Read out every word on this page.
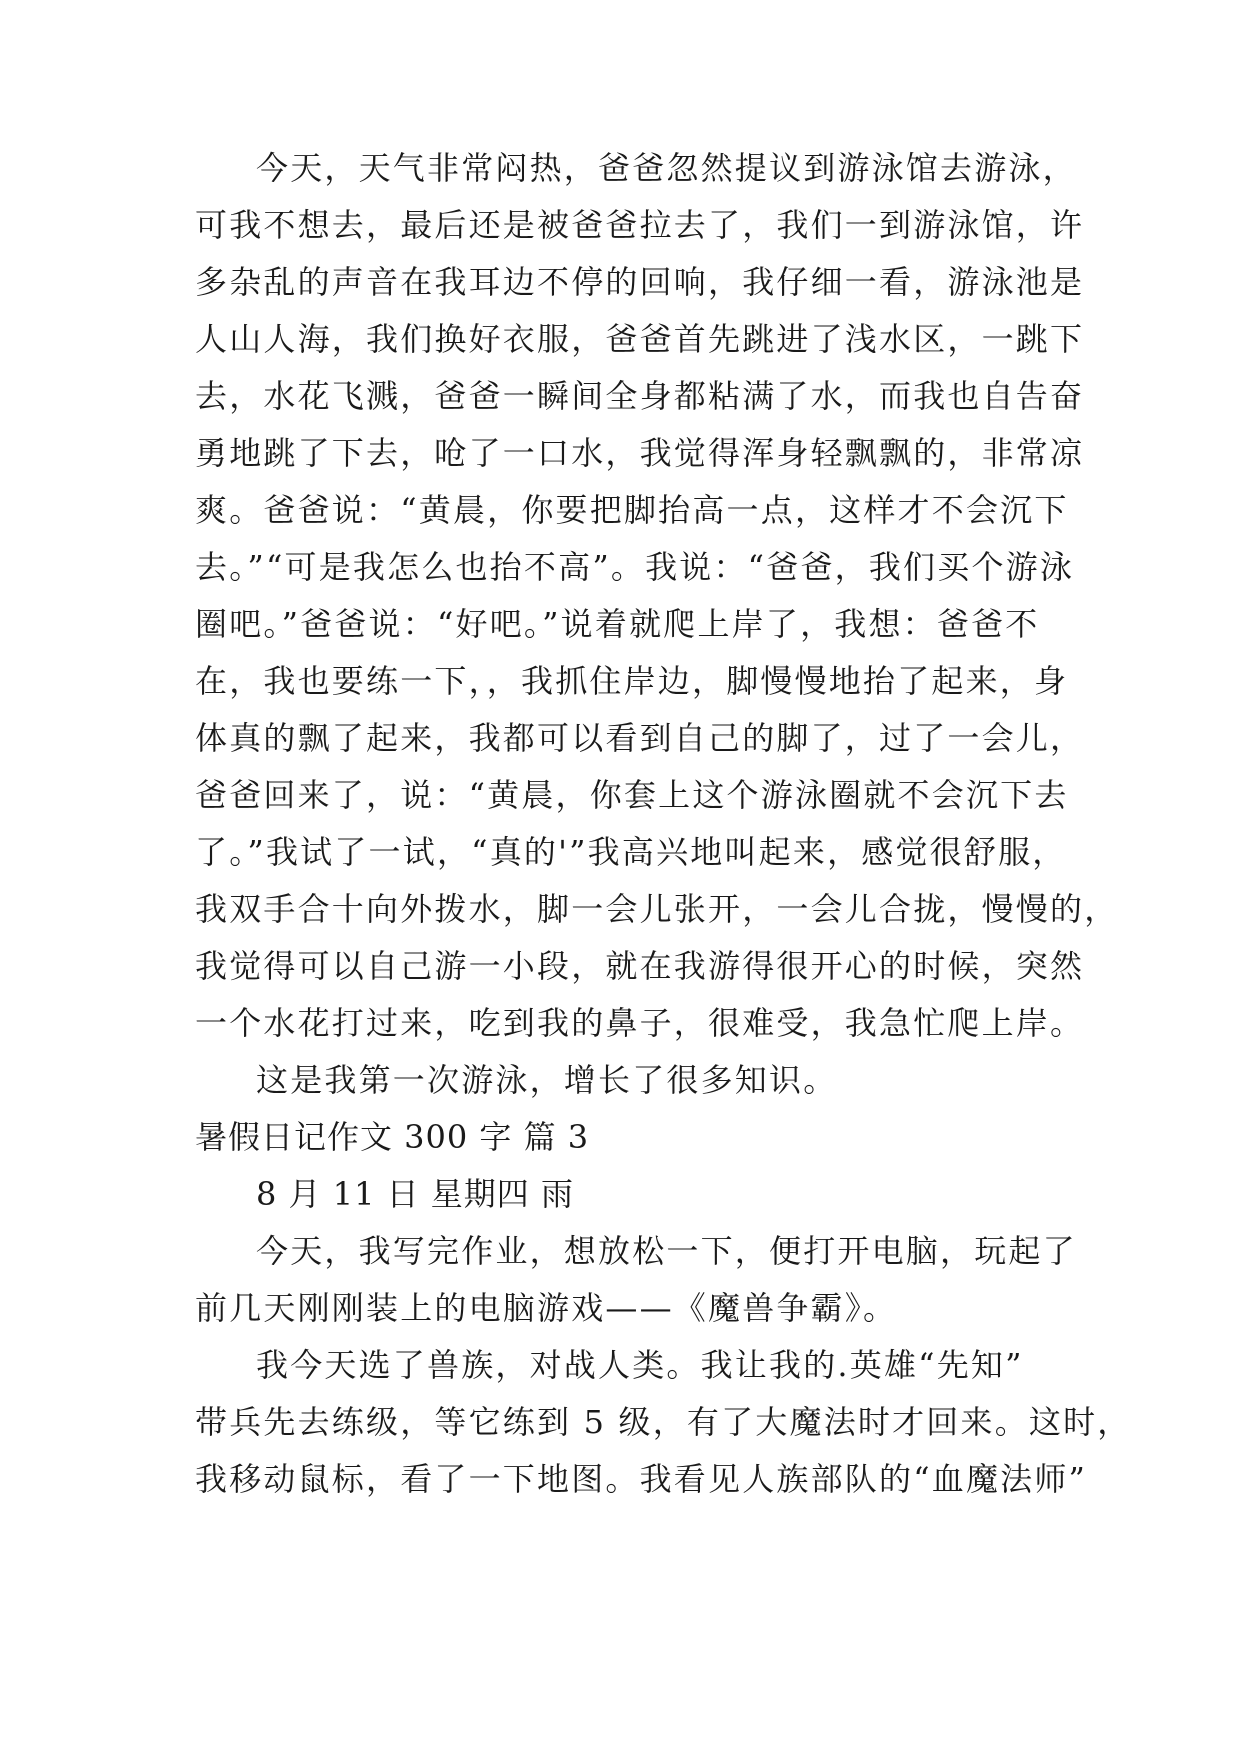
今天，天气非常闷热，爸爸忽然提议到游泳馆去游泳，
可我不想去，最后还是被爸爸拉去了，我们一到游泳馆，许
多杂乱的声音在我耳边不停的回响，我仔细一看，游泳池是
人山人海，我们换好衣服，爸爸首先跳进了浅水区，一跳下
去，水花飞溅，爸爸一瞬间全身都粘满了水，而我也自告奋
勇地跳了下去，呛了一口水，我觉得浑身轻飘飘的，非常凉
爽。爸爸说：“黄晨，你要把脚抬高一点，这样才不会沉下
去。”“可是我怎么也抬不高”。我说：“爸爸，我们买个游泳
圈吧。”爸爸说：“好吧。”说着就爬上岸了，我想：爸爸不
在，我也要练一下，，我抓住岸边，脚慢慢地抬了起来，身
体真的飘了起来，我都可以看到自己的脚了，过了一会儿，
爸爸回来了，说：“黄晨，你套上这个游泳圈就不会沉下去
了。”我试了一试，“真的'”我高兴地叫起来，感觉很舒服，
我双手合十向外拨水，脚一会儿张开，一会儿合拢，慢慢的，
我觉得可以自己游一小段，就在我游得很开心的时候，突然
一个水花打过来，吃到我的鼻子，很难受，我急忙爬上岸。
这是我第一次游泳，增长了很多知识。
暑假日记作文 300 字 篇 3
8 月 11 日 星期四 雨
今天，我写完作业，想放松一下，便打开电脑，玩起了
前几天刚刚装上的电脑游戏——《魔兽争霸》。
我今天选了兽族，对战人类。我让我的.英雄“先知”
带兵先去练级，等它练到 5 级，有了大魔法时才回来。这时，
我移动鼠标，看了一下地图。我看见人族部队的“血魔法师”
